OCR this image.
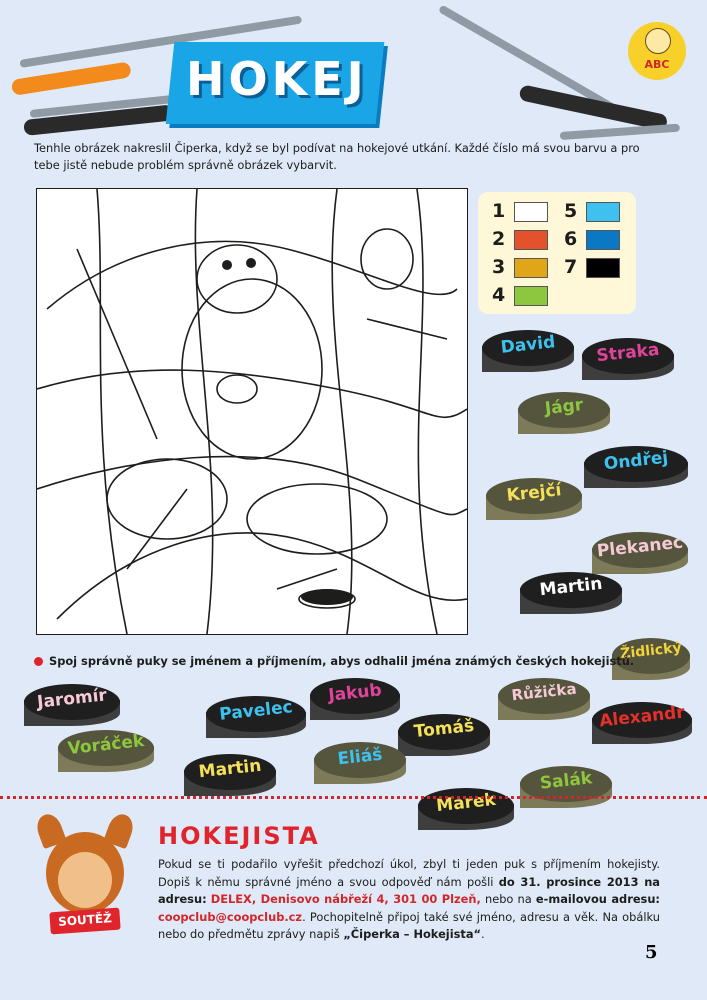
ABC
HOKEJ
Tenhle obrázek nakreslil Čiperka, když se byl podívat na hokejové utkání. Každé číslo má svou barvu a pro tebe jistě nebude problém správně obrázek vybarvit.
1
2
3
4
5
6
7
David	Straka
Jágr
Ondřej
Krejčí
Plekanec
Martin
Židlický
Jaromír	Pavelec
Jakub	Růžička
Voráček
Tomáš	Alexandr
Martin	Eliáš
Salák
Marek
Spoj správně puky se jménem a příjmením, abys odhalil jména známých českých hokejistů.
SOUTĚŽ
HOKEJISTA
Pokud se ti podařilo vyřešit předchozí úkol, zbyl ti jeden puk s příjmením hokejisty. Dopiš k němu správné jméno a svou odpověď nám pošli do 31. prosince 2013 na adresu: DELEX, Denisovo nábřeží 4, 301 00 Plzeň, nebo na e-mailovou adresu: coopclub@coopclub.cz. Pochopitelně připoj také své jméno, adresu a věk. Na obálku nebo do předmětu zprávy napiš „Čiperka – Hokejista“.
5
